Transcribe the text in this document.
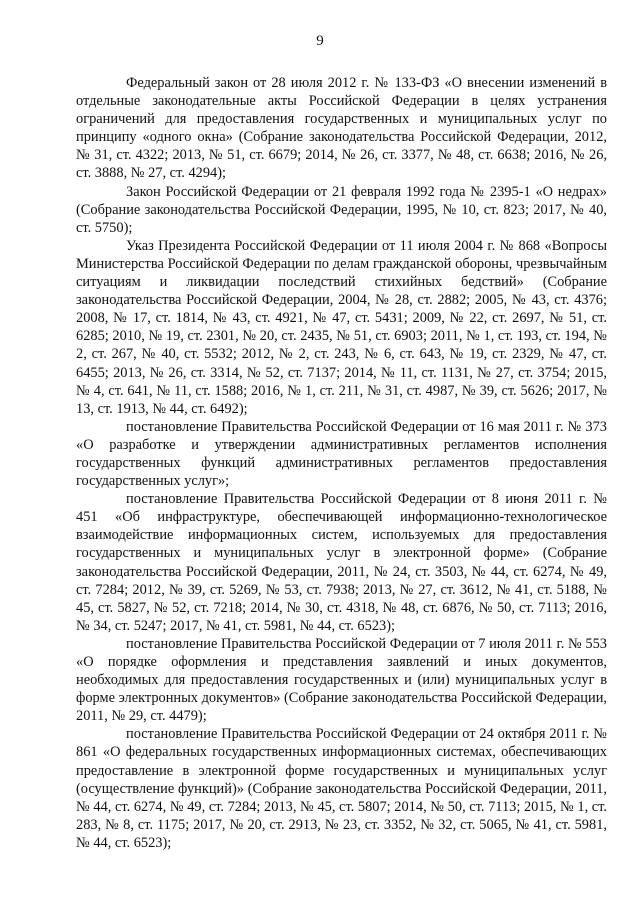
9

Федеральный закон от 28 июля 2012 г. № 133-ФЗ «О внесении изменений в отдельные законодательные акты Российской Федерации в целях устранения ограничений для предоставления государственных и муниципальных услуг по принципу «одного окна» (Собрание законодательства Российской Федерации, 2012, № 31, ст. 4322; 2013, № 51, ст. 6679; 2014, № 26, ст. 3377, № 48, ст. 6638; 2016, № 26, ст. 3888, № 27, ст. 4294);

Закон Российской Федерации от 21 февраля 1992 года № 2395-1 «О недрах» (Собрание законодательства Российской Федерации, 1995, № 10, ст. 823; 2017, № 40, ст. 5750);

Указ Президента Российской Федерации от 11 июля 2004 г. № 868 «Вопросы Министерства Российской Федерации по делам гражданской обороны, чрезвычайным ситуациям и ликвидации последствий стихийных бедствий» (Собрание законодательства Российской Федерации, 2004, № 28, ст. 2882; 2005, № 43, ст. 4376; 2008, № 17, ст. 1814, № 43, ст. 4921, № 47, ст. 5431; 2009, № 22, ст. 2697, № 51, ст. 6285; 2010, № 19, ст. 2301, № 20, ст. 2435, № 51, ст. 6903; 2011, № 1, ст. 193, ст. 194, № 2, ст. 267, № 40, ст. 5532; 2012, № 2, ст. 243, № 6, ст. 643, № 19, ст. 2329, № 47, ст. 6455; 2013, № 26, ст. 3314, № 52, ст. 7137; 2014, № 11, ст. 1131, № 27, ст. 3754; 2015, № 4, ст. 641, № 11, ст. 1588; 2016, № 1, ст. 211, № 31, ст. 4987, № 39, ст. 5626; 2017, № 13, ст. 1913, № 44, ст. 6492);

постановление Правительства Российской Федерации от 16 мая 2011 г. № 373 «О разработке и утверждении административных регламентов исполнения государственных функций административных регламентов предоставления государственных услуг»;

постановление Правительства Российской Федерации от 8 июня 2011 г. № 451 «Об инфраструктуре, обеспечивающей информационно-технологическое взаимодействие информационных систем, используемых для предоставления государственных и муниципальных услуг в электронной форме» (Собрание законодательства Российской Федерации, 2011, № 24, ст. 3503, № 44, ст. 6274, № 49, ст. 7284; 2012, № 39, ст. 5269, № 53, ст. 7938; 2013, № 27, ст. 3612, № 41, ст. 5188, № 45, ст. 5827, № 52, ст. 7218; 2014, № 30, ст. 4318, № 48, ст. 6876, № 50, ст. 7113; 2016, № 34, ст. 5247; 2017, № 41, ст. 5981, № 44, ст. 6523);

постановление Правительства Российской Федерации от 7 июля 2011 г. № 553 «О порядке оформления и представления заявлений и иных документов, необходимых для предоставления государственных и (или) муниципальных услуг в форме электронных документов» (Собрание законодательства Российской Федерации, 2011, № 29, ст. 4479);

постановление Правительства Российской Федерации от 24 октября 2011 г. № 861 «О федеральных государственных информационных системах, обеспечивающих предоставление в электронной форме государственных и муниципальных услуг (осуществление функций)» (Собрание законодательства Российской Федерации, 2011, № 44, ст. 6274, № 49, ст. 7284; 2013, № 45, ст. 5807; 2014, № 50, ст. 7113; 2015, № 1, ст. 283, № 8, ст. 1175; 2017, № 20, ст. 2913, № 23, ст. 3352, № 32, ст. 5065, № 41, ст. 5981, № 44, ст. 6523);
